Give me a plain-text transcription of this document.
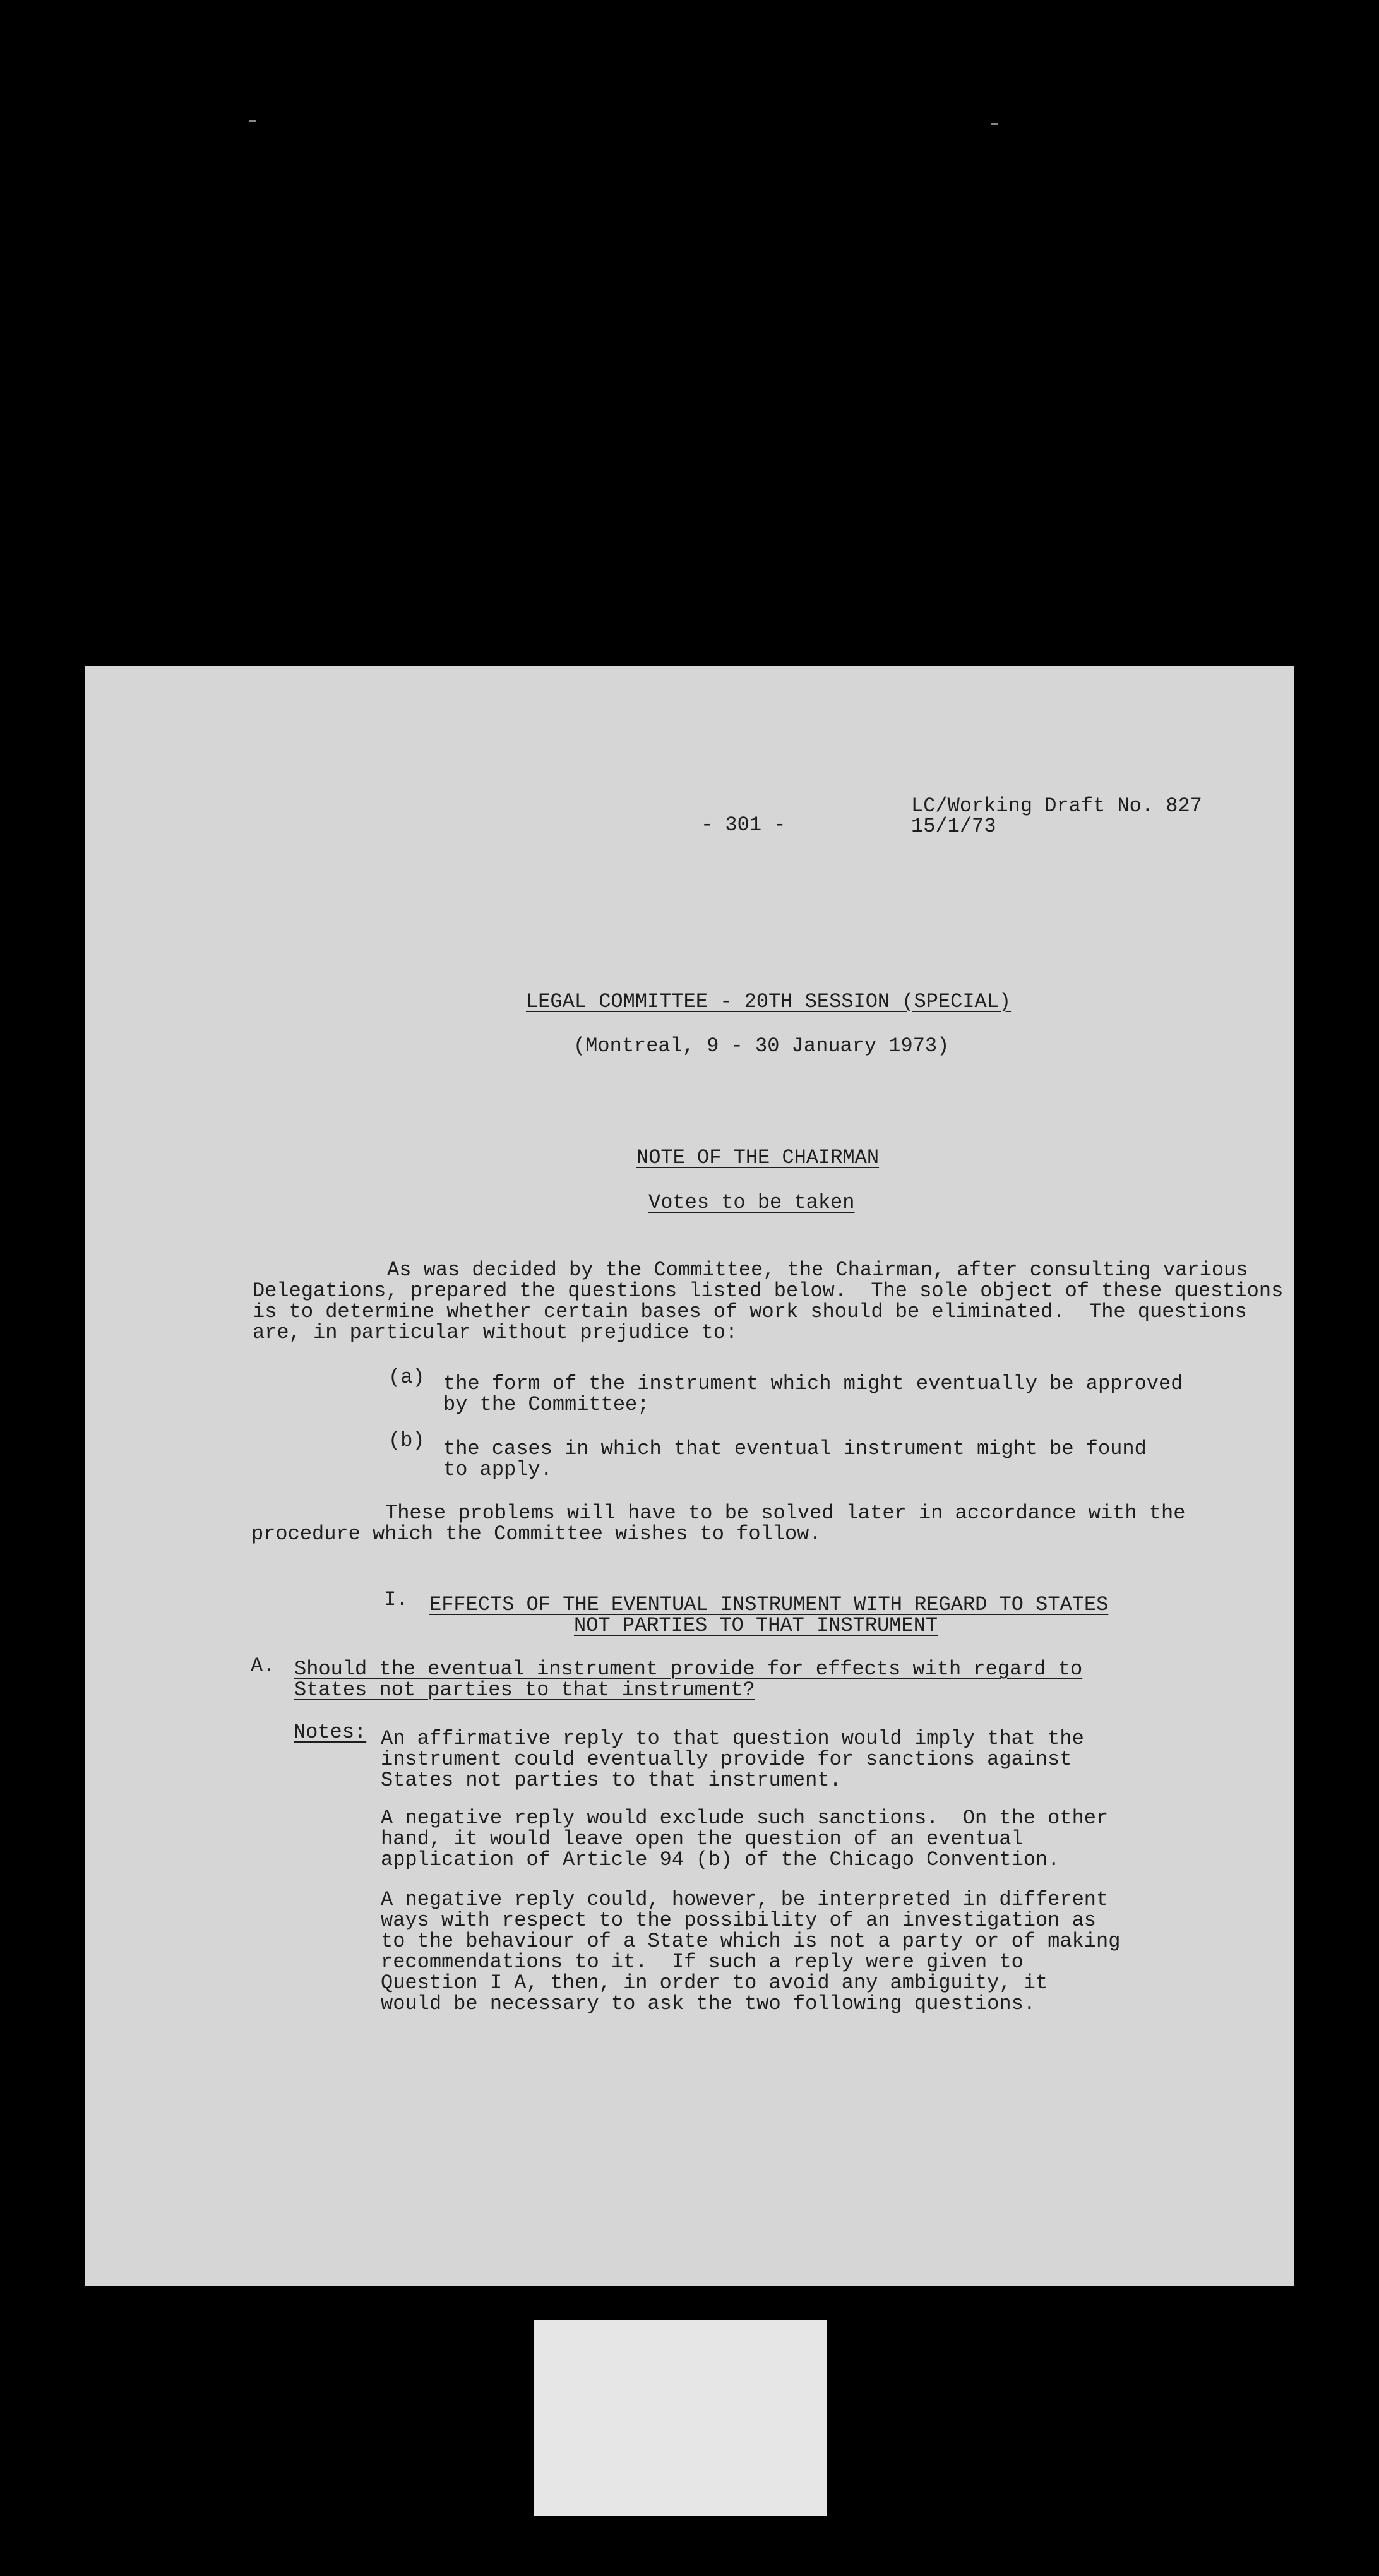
- 301 -
LC/Working Draft No. 827
15/1/73
LEGAL COMMITTEE - 20TH SESSION (SPECIAL)
(Montreal, 9 - 30 January 1973)
NOTE OF THE CHAIRMAN
Votes to be taken
As was decided by the Committee, the Chairman, after consulting various
Delegations, prepared the questions listed below.  The sole object of these questions
is to determine whether certain bases of work should be eliminated.  The questions
are, in particular without prejudice to:
(a) the form of the instrument which might eventually be approved
by the Committee;
(b) the cases in which that eventual instrument might be found
to apply.
These problems will have to be solved later in accordance with the
procedure which the Committee wishes to follow.
I. EFFECTS OF THE EVENTUAL INSTRUMENT WITH REGARD TO STATES
NOT PARTIES TO THAT INSTRUMENT
A. Should the eventual instrument provide for effects with regard to
States not parties to that instrument?
Notes: An affirmative reply to that question would imply that the
instrument could eventually provide for sanctions against
States not parties to that instrument.
A negative reply would exclude such sanctions.  On the other
hand, it would leave open the question of an eventual
application of Article 94 (b) of the Chicago Convention.
A negative reply could, however, be interpreted in different
ways with respect to the possibility of an investigation as
to the behaviour of a State which is not a party or of making
recommendations to it.  If such a reply were given to
Question I A, then, in order to avoid any ambiguity, it
would be necessary to ask the two following questions.
